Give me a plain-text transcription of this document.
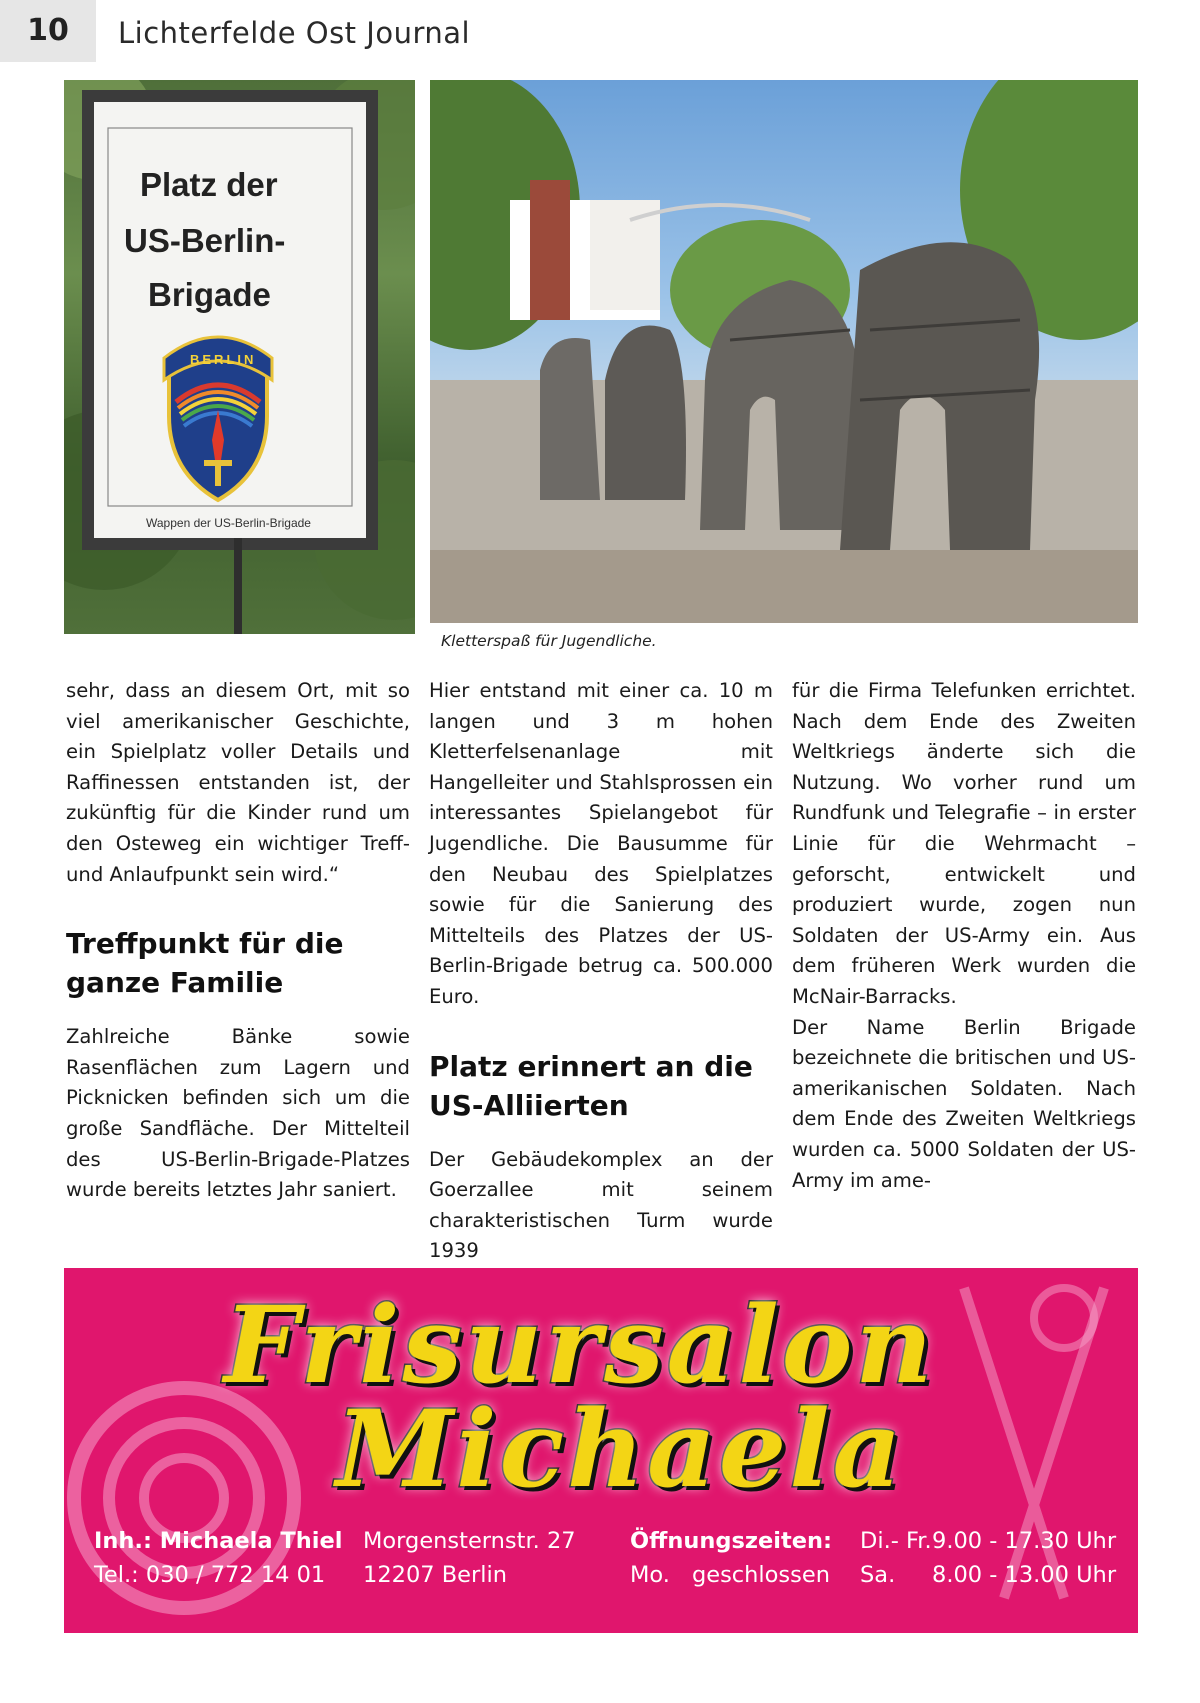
10	Lichterfelde Ost Journal
Platz der
US-Berlin-
Brigade
BERLIN
Wappen der US-Berlin-Brigade
Kletterspaß für Jugendliche.

sehr, dass an diesem Ort, mit so viel amerikanischer Geschichte, ein Spielplatz voller Details und Raffinessen entstanden ist, der zukünftig für die Kinder rund um den Osteweg ein wichtiger Treff- und Anlaufpunkt sein wird.“

Treffpunkt für die ganze Familie

Zahlreiche Bänke sowie Rasenflächen zum Lagern und Picknicken befinden sich um die große Sandfläche. Der Mittelteil des US-Berlin-Brigade-Platzes wurde bereits letztes Jahr saniert.

Hier entstand mit einer ca. 10 m langen und 3 m hohen Kletterfelsenanlage mit Hangelleiter und Stahlsprossen ein interessantes Spielangebot für Jugendliche. Die Bausumme für den Neubau des Spielplatzes sowie für die Sanierung des Mittelteils des Platzes der US-Berlin-Brigade betrug ca. 500.000 Euro.

Platz erinnert an die US-Alliierten

Der Gebäudekomplex an der Goerzallee mit seinem charakteristischen Turm wurde 1939

für die Firma Telefunken errichtet. Nach dem Ende des Zweiten Weltkriegs änderte sich die Nutzung. Wo vorher rund um Rundfunk und Telegrafie – in erster Linie für die Wehrmacht – geforscht, entwickelt und produziert wurde, zogen nun Soldaten der US-Army ein. Aus dem früheren Werk wurden die McNair-Barracks.

Der Name Berlin Brigade bezeichnete die britischen und US-amerikanischen Soldaten. Nach dem Ende des Zweiten Weltkriegs wurden ca. 5000 Soldaten der US-Army im ame-

Frisursalon
Michaela
Inh.: Michaela Thiel
Tel.: 030 / 772 14 01
Morgensternstr. 27
12207 Berlin
Öffnungszeiten:
Mo. geschlossen
Di.- Fr.9.00 - 17.30 Uhr
Sa. 8.00 - 13.00 Uhr
